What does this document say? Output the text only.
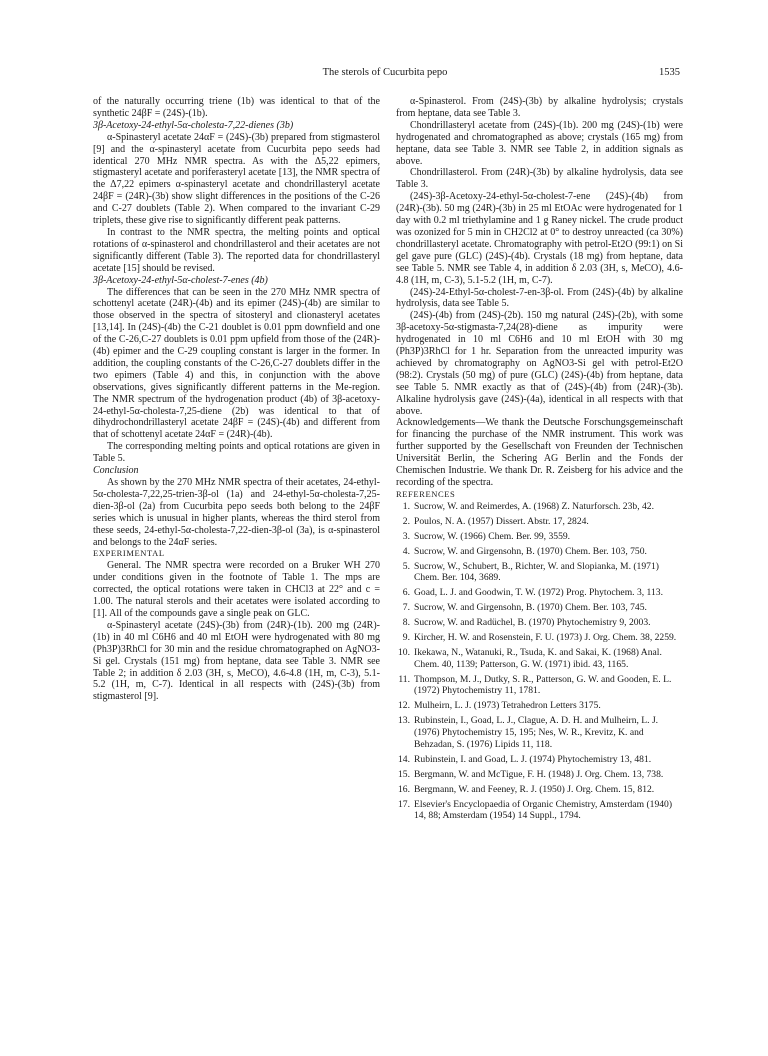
The sterols of Cucurbita pepo	1535

of the naturally occurring triene (1b) was identical to that of the synthetic 24βF = (24S)-(1b).

3β-Acetoxy-24-ethyl-5α-cholesta-7,22-dienes (3b)

α-Spinasteryl acetate 24αF = (24S)-(3b) prepared from stigmasterol [9] and the α-spinasteryl acetate from Cucurbita pepo seeds had identical 270 MHz NMR spectra. As with the Δ5,22 epimers, stigmasteryl acetate and poriferasteryl acetate [13], the NMR spectra of the Δ7,22 epimers α-spinasteryl acetate and chondrillasteryl acetate 24βF = (24R)-(3b) show slight differences in the positions of the C-26 and C-27 doublets (Table 2). When compared to the invariant C-29 triplets, these give rise to significantly different peak patterns.

In contrast to the NMR spectra, the melting points and optical rotations of α-spinasterol and chondrillasterol and their acetates are not significantly different (Table 3). The reported data for chondrillasteryl acetate [15] should be revised.

3β-Acetoxy-24-ethyl-5α-cholest-7-enes (4b)

The differences that can be seen in the 270 MHz NMR spectra of schottenyl acetate (24R)-(4b) and its epimer (24S)-(4b) are similar to those observed in the spectra of sitosteryl and clionasteryl acetates [13,14]. In (24S)-(4b) the C-21 doublet is 0.01 ppm downfield and one of the C-26,C-27 doublets is 0.01 ppm upfield from those of the (24R)-(4b) epimer and the C-29 coupling constant is larger in the former. In addition, the coupling constants of the C-26,C-27 doublets differ in the two epimers (Table 4) and this, in conjunction with the above observations, gives significantly different patterns in the Me-region. The NMR spectrum of the hydrogenation product (4b) of 3β-acetoxy-24-ethyl-5α-cholesta-7,25-diene (2b) was identical to that of dihydrochondrillasteryl acetate 24βF = (24S)-(4b) and different from that of schottenyl acetate 24αF = (24R)-(4b).

The corresponding melting points and optical rotations are given in Table 5.

Conclusion

As shown by the 270 MHz NMR spectra of their acetates, 24-ethyl-5α-cholesta-7,22,25-trien-3β-ol (1a) and 24-ethyl-5α-cholesta-7,25-dien-3β-ol (2a) from Cucurbita pepo seeds both belong to the 24βF series which is unusual in higher plants, whereas the third sterol from these seeds, 24-ethyl-5α-cholesta-7,22-dien-3β-ol (3a), is α-spinasterol and belongs to the 24αF series.

EXPERIMENTAL

General. The NMR spectra were recorded on a Bruker WH 270 under conditions given in the footnote of Table 1. The mps are corrected, the optical rotations were taken in CHCl3 at 22° and c = 1.00. The natural sterols and their acetates were isolated according to [1]. All of the compounds gave a single peak on GLC.

α-Spinasteryl acetate (24S)-(3b) from (24R)-(1b). 200 mg (24R)-(1b) in 40 ml C6H6 and 40 ml EtOH were hydrogenated with 80 mg (Ph3P)3RhCl for 30 min and the residue chromatographed on AgNO3-Si gel. Crystals (151 mg) from heptane, data see Table 3. NMR see Table 2; in addition δ 2.03 (3H, s, MeCO), 4.6-4.8 (1H, m, C-3), 5.1-5.2 (1H, m, C-7). Identical in all respects with (24S)-(3b) from stigmasterol [9].

α-Spinasterol. From (24S)-(3b) by alkaline hydrolysis; crystals from heptane, data see Table 3.

Chondrillasteryl acetate from (24S)-(1b). 200 mg (24S)-(1b) were hydrogenated and chromatographed as above; crystals (165 mg) from heptane, data see Table 3. NMR see Table 2, in addition signals as above.

Chondrillasterol. From (24R)-(3b) by alkaline hydrolysis, data see Table 3.

(24S)-3β-Acetoxy-24-ethyl-5α-cholest-7-ene (24S)-(4b) from (24R)-(3b). 50 mg (24R)-(3b) in 25 ml EtOAc were hydrogenated for 1 day with 0.2 ml triethylamine and 1 g Raney nickel. The crude product was ozonized for 5 min in CH2Cl2 at 0° to destroy unreacted (ca 30%) chondrillasteryl acetate. Chromatography with petrol-Et2O (99:1) on Si gel gave pure (GLC) (24S)-(4b). Crystals (18 mg) from heptane, data see Table 5. NMR see Table 4, in addition δ 2.03 (3H, s, MeCO), 4.6-4.8 (1H, m, C-3), 5.1-5.2 (1H, m, C-7).

(24S)-24-Ethyl-5α-cholest-7-en-3β-ol. From (24S)-(4b) by alkaline hydrolysis, data see Table 5.

(24S)-(4b) from (24S)-(2b). 150 mg natural (24S)-(2b), with some 3β-acetoxy-5α-stigmasta-7,24(28)-diene as impurity were hydrogenated in 10 ml C6H6 and 10 ml EtOH with 30 mg (Ph3P)3RhCl for 1 hr. Separation from the unreacted impurity was achieved by chromatography on AgNO3-Si gel with petrol-Et2O (98:2). Crystals (50 mg) of pure (GLC) (24S)-(4b) from heptane, data see Table 5. NMR exactly as that of (24S)-(4b) from (24R)-(3b). Alkaline hydrolysis gave (24S)-(4a), identical in all respects with that above.

Acknowledgements—We thank the Deutsche Forschungsgemeinschaft for financing the purchase of the NMR instrument. This work was further supported by the Gesellschaft von Freunden der Technischen Universität Berlin, the Schering AG Berlin and the Fonds der Chemischen Industrie. We thank Dr. R. Zeisberg for his advice and the recording of the spectra.

REFERENCES

1. Sucrow, W. and Reimerdes, A. (1968) Z. Naturforsch. 23b, 42.
2. Poulos, N. A. (1957) Dissert. Abstr. 17, 2824.
3. Sucrow, W. (1966) Chem. Ber. 99, 3559.
4. Sucrow, W. and Girgensohn, B. (1970) Chem. Ber. 103, 750.
5. Sucrow, W., Schubert, B., Richter, W. and Slopianka, M. (1971) Chem. Ber. 104, 3689.
6. Goad, L. J. and Goodwin, T. W. (1972) Prog. Phytochem. 3, 113.
7. Sucrow, W. and Girgensohn, B. (1970) Chem. Ber. 103, 745.
8. Sucrow, W. and Radüchel, B. (1970) Phytochemistry 9, 2003.
9. Kircher, H. W. and Rosenstein, F. U. (1973) J. Org. Chem. 38, 2259.
10. Ikekawa, N., Watanuki, R., Tsuda, K. and Sakai, K. (1968) Anal. Chem. 40, 1139; Patterson, G. W. (1971) ibid. 43, 1165.
11. Thompson, M. J., Dutky, S. R., Patterson, G. W. and Gooden, E. L. (1972) Phytochemistry 11, 1781.
12. Mulheirn, L. J. (1973) Tetrahedron Letters 3175.
13. Rubinstein, I., Goad, L. J., Clague, A. D. H. and Mulheirn, L. J. (1976) Phytochemistry 15, 195; Nes, W. R., Krevitz, K. and Behzadan, S. (1976) Lipids 11, 118.
14. Rubinstein, I. and Goad, L. J. (1974) Phytochemistry 13, 481.
15. Bergmann, W. and McTigue, F. H. (1948) J. Org. Chem. 13, 738.
16. Bergmann, W. and Feeney, R. J. (1950) J. Org. Chem. 15, 812.
17. Elsevier's Encyclopaedia of Organic Chemistry, Amsterdam (1940) 14, 88; Amsterdam (1954) 14 Suppl., 1794.
